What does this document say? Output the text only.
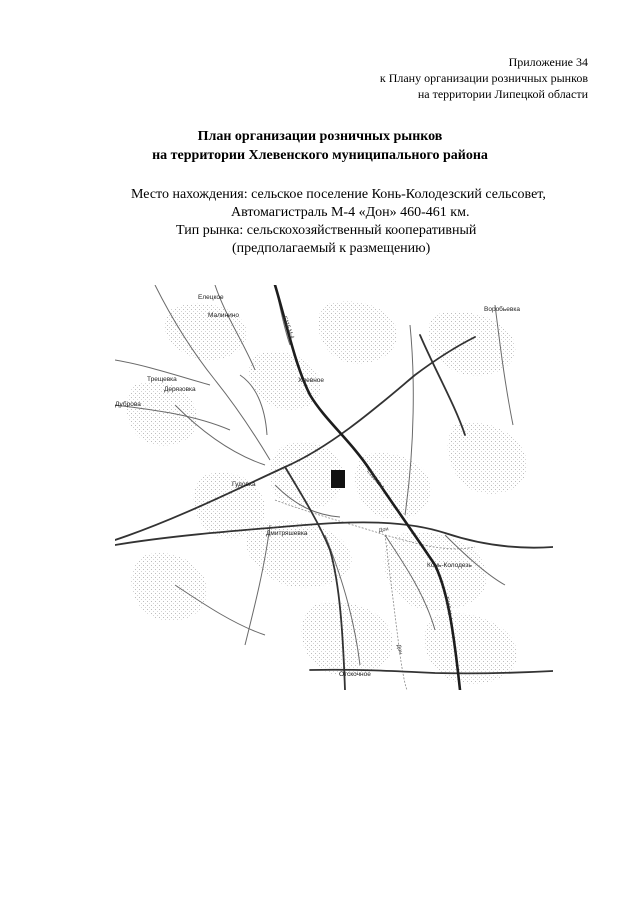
Приложение 34
к Плану организации розничных рынков
на территории Липецкой области
План организации розничных рынков
на территории Хлевенского муниципального района
Место нахождения: сельское поселение Конь-Колодезский сельсовет,
Автомагистраль М-4 «Дон» 460-461 км.
Тип рынка: сельскохозяйственный кооперативный
(предполагаемый к размещению)
Елецкое
Малинино
Воробьевка
Трещевка
Дерязовка
Дуброва
Хлевное
Гудовка
Дмитряшевка
Конь-Колодезь
Отскочное
E115 М-4
E115 М-4
E115 М-4
Дон
Дон
